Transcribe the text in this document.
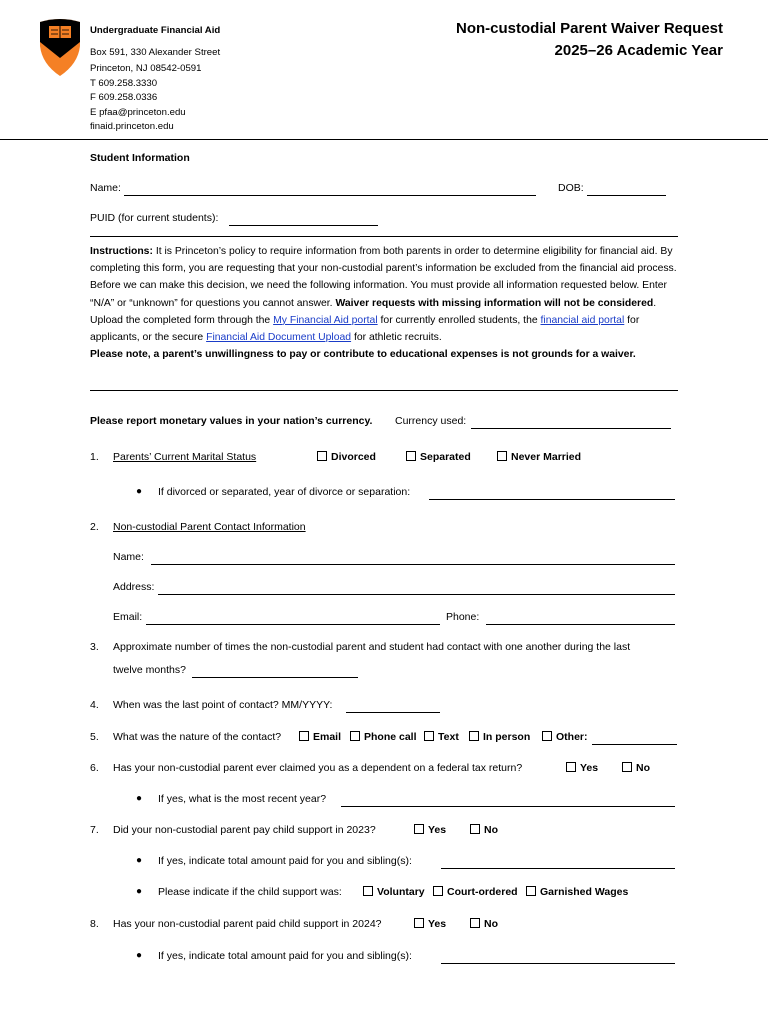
Undergraduate Financial Aid
Box 591, 330 Alexander Street
Princeton, NJ 08542-0591
T 609.258.3330
F 609.258.0336
E pfaa@princeton.edu
finaid.princeton.edu
Non-custodial Parent Waiver Request
2025–26 Academic Year
Student Information
Name:	DOB:
PUID (for current students):
Instructions: It is Princeton’s policy to require information from both parents in order to determine eligibility for financial aid. By completing this form, you are requesting that your non-custodial parent’s information be excluded from the financial aid process. Before we can make this decision, we need the following information. You must provide all information requested below. Enter “N/A” or “unknown” for questions you cannot answer. Waiver requests with missing information will not be considered.
Upload the completed form through the My Financial Aid portal for currently enrolled students, the financial aid portal for applicants, or the secure Financial Aid Document Upload for athletic recruits.
Please note, a parent’s unwillingness to pay or contribute to educational expenses is not grounds for a waiver.
Please report monetary values in your nation’s currency. Currency used:
1. Parents’ Current Marital Status	Divorced	Separated	Never Married
● If divorced or separated, year of divorce or separation:
2. Non-custodial Parent Contact Information
Name:
Address:
Email:	Phone:
3. Approximate number of times the non-custodial parent and student had contact with one another during the last
twelve months?
4. When was the last point of contact? MM/YYYY:
5. What was the nature of the contact?	Email	Phone call	Text	In person	Other:
6. Has your non-custodial parent ever claimed you as a dependent on a federal tax return?	Yes	No
● If yes, what is the most recent year?
7. Did your non-custodial parent pay child support in 2023?	Yes	No
● If yes, indicate total amount paid for you and sibling(s):
● Please indicate if the child support was:	Voluntary	Court-ordered	Garnished Wages
8. Has your non-custodial parent paid child support in 2024?	Yes	No
● If yes, indicate total amount paid for you and sibling(s):
